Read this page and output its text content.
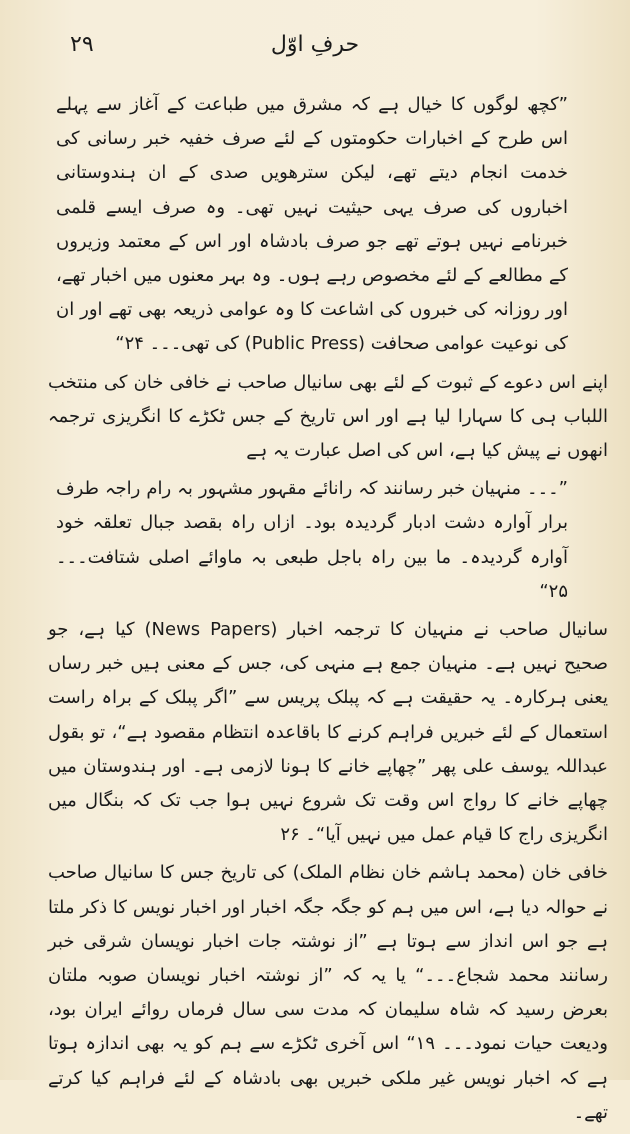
۲۹	حرفِ اوّل

”کچھ لوگوں کا خیال ہے کہ مشرق میں طباعت کے آغاز سے پہلے اس طرح کے اخبارات حکومتوں کے لئے صرف خفیہ خبر رسانی کی خدمت انجام دیتے تھے، لیکن سترھویں صدی کے ان ہندوستانی اخباروں کی صرف یہی حیثیت نہیں تھی۔ وہ صرف ایسے قلمی خبرنامے نہیں ہوتے تھے جو صرف بادشاہ اور اس کے معتمد وزیروں کے مطالعے کے لئے مخصوص رہے ہوں۔ وہ بہر معنوں میں اخبار تھے، اور روزانہ کی خبروں کی اشاعت کا وہ عوامی ذریعہ بھی تھے اور ان کی نوعیت عوامی صحافت (Public Press) کی تھی۔۔۔ ۲۴“

اپنے اس دعوے کے ثبوت کے لئے بھی سانیال صاحب نے خافی خان کی منتخب اللباب ہی کا سہارا لیا ہے اور اس تاریخ کے جس ٹکڑے کا انگریزی ترجمہ انھوں نے پیش کیا ہے، اس کی اصل عبارت یہ ہے

”۔۔۔ منہیان خبر رسانند کہ رانائے مقہور مشہور بہ رام راجہ طرف برار آوارہ دشت ادبار گردیدہ بود۔ ازاں راہ بقصد جبال تعلقہ خود آوارہ گردیدہ۔ ما بین راہ باجل طبعی بہ ماوائے اصلی شتافت۔۔۔ ۲۵“

سانیال صاحب نے منہیان کا ترجمہ اخبار (News Papers) کیا ہے، جو صحیح نہیں ہے۔ منہیان جمع ہے منہی کی، جس کے معنی ہیں خبر رساں یعنی ہرکارہ۔ یہ حقیقت ہے کہ پبلک پریس سے ”اگر پبلک کے براہ راست استعمال کے لئے خبریں فراہم کرنے کا باقاعدہ انتظام مقصود ہے“، تو بقول عبداللہ یوسف علی پھر ”چھاپے خانے کا ہونا لازمی ہے۔ اور ہندوستان میں چھاپے خانے کا رواج اس وقت تک شروع نہیں ہوا جب تک کہ بنگال میں انگریزی راج کا قیام عمل میں نہیں آیا“۔ ۲۶

خافی خان (محمد ہاشم خان نظام الملک) کی تاریخ جس کا سانیال صاحب نے حوالہ دیا ہے، اس میں ہم کو جگہ جگہ اخبار اور اخبار نویس کا ذکر ملتا ہے جو اس انداز سے ہوتا ہے ”از نوشتہ جات اخبار نویسان شرقی خبر رسانند محمد شجاع۔۔۔“ یا یہ کہ ”از نوشتہ اخبار نویسان صوبہ ملتان بعرض رسید کہ شاہ سلیمان کہ مدت سی سال فرماں روائے ایران بود، ودیعت حیات نمود۔۔۔ ۱۹“ اس آخری ٹکڑے سے ہم کو یہ بھی اندازہ ہوتا ہے کہ اخبار نویس غیر ملکی خبریں بھی بادشاہ کے لئے فراہم کیا کرتے تھے۔
